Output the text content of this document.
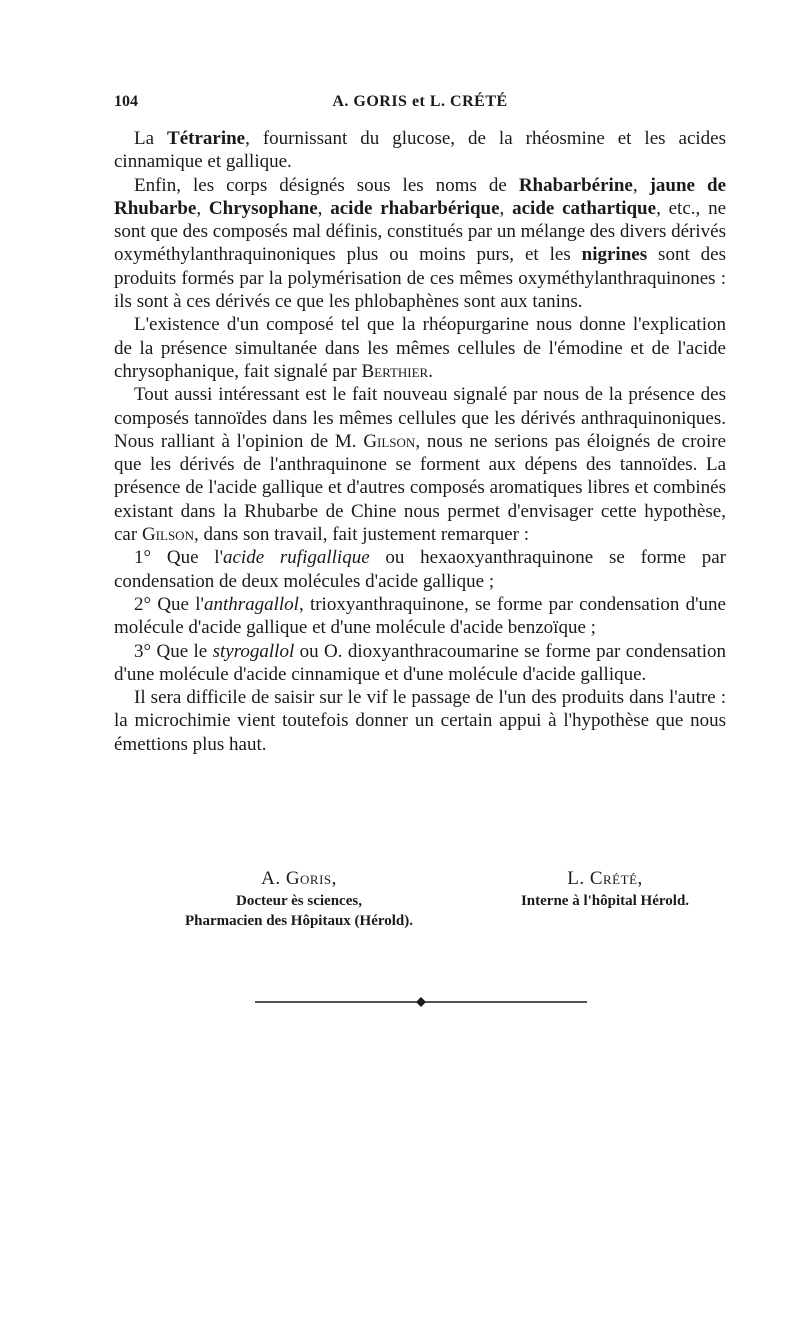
104	A. GORIS et L. CRÉTÉ

La Tétrarine, fournissant du glucose, de la rhéosmine et les acides cinnamique et gallique.

Enfin, les corps désignés sous les noms de Rhabarbérine, jaune de Rhubarbe, Chrysophane, acide rhabarbérique, acide cathartique, etc., ne sont que des composés mal définis, constitués par un mélange des divers dérivés oxyméthylanthraquinoniques plus ou moins purs, et les nigrines sont des produits formés par la polymérisation de ces mêmes oxyméthylanthraquinones : ils sont à ces dérivés ce que les phlobaphènes sont aux tanins.

L'existence d'un composé tel que la rhéopurgarine nous donne l'explication de la présence simultanée dans les mêmes cellules de l'émodine et de l'acide chrysophanique, fait signalé par Berthier.

Tout aussi intéressant est le fait nouveau signalé par nous de la présence des composés tannoïdes dans les mêmes cellules que les dérivés anthraquinoniques. Nous ralliant à l'opinion de M. Gilson, nous ne serions pas éloignés de croire que les dérivés de l'anthraquinone se forment aux dépens des tannoïdes. La présence de l'acide gallique et d'autres composés aromatiques libres et combinés existant dans la Rhubarbe de Chine nous permet d'envisager cette hypothèse, car Gilson, dans son travail, fait justement remarquer :

1° Que l'acide rufigallique ou hexaoxyanthraquinone se forme par condensation de deux molécules d'acide gallique ;

2° Que l'anthragallol, trioxyanthraquinone, se forme par condensation d'une molécule d'acide gallique et d'une molécule d'acide benzoïque ;

3° Que le styrogallol ou O. dioxyanthracoumarine se forme par condensation d'une molécule d'acide cinnamique et d'une molécule d'acide gallique.

Il sera difficile de saisir sur le vif le passage de l'un des produits dans l'autre : la microchimie vient toutefois donner un certain appui à l'hypothèse que nous émettions plus haut.

A. Goris,
Docteur ès sciences,
Pharmacien des Hôpitaux (Hérold).
L. Crété,
Interne à l'hôpital Hérold.
